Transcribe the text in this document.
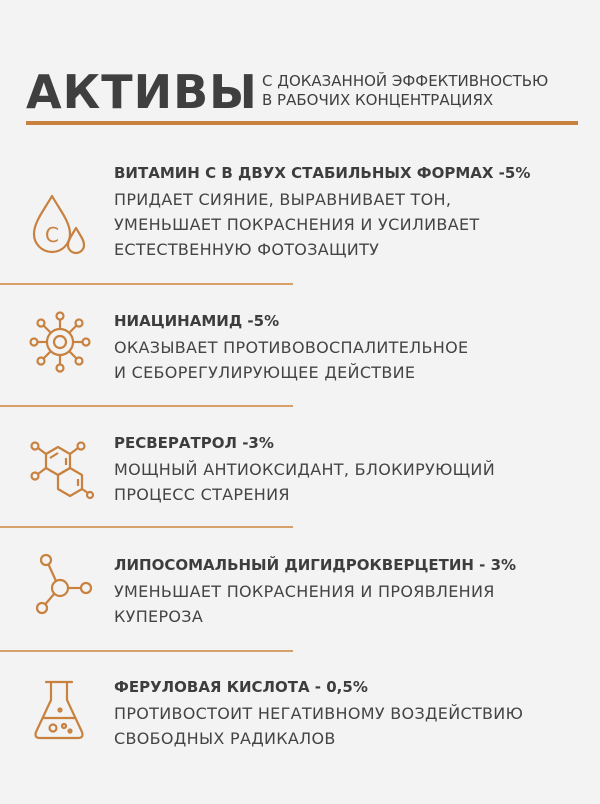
АКТИВЫ С ДОКАЗАННОЙ ЭФФЕКТИВНОСТЬЮ
В РАБОЧИХ КОНЦЕНТРАЦИЯХ
C
ВИТАМИН С В ДВУХ СТАБИЛЬНЫХ ФОРМАХ -5%
ПРИДАЕТ СИЯНИЕ, ВЫРАВНИВАЕТ ТОН,
УМЕНЬШАЕТ ПОКРАСНЕНИЯ И УСИЛИВАЕТ
ЕСТЕСТВЕННУЮ ФОТОЗАЩИТУ
НИАЦИНАМИД -5%
ОКАЗЫВАЕТ ПРОТИВОВОСПАЛИТЕЛЬНОЕ
И СЕБОРЕГУЛИРУЮЩЕЕ ДЕЙСТВИЕ
РЕСВЕРАТРОЛ -3%
МОЩНЫЙ АНТИОКСИДАНТ, БЛОКИРУЮЩИЙ
ПРОЦЕСС СТАРЕНИЯ
ЛИПОСОМАЛЬНЫЙ ДИГИДРОКВЕРЦЕТИН - 3%
УМЕНЬШАЕТ ПОКРАСНЕНИЯ И ПРОЯВЛЕНИЯ
КУПЕРОЗА
ФЕРУЛОВАЯ КИСЛОТА - 0,5%
ПРОТИВОСТОИТ НЕГАТИВНОМУ ВОЗДЕЙСТВИЮ
СВОБОДНЫХ РАДИКАЛОВ
